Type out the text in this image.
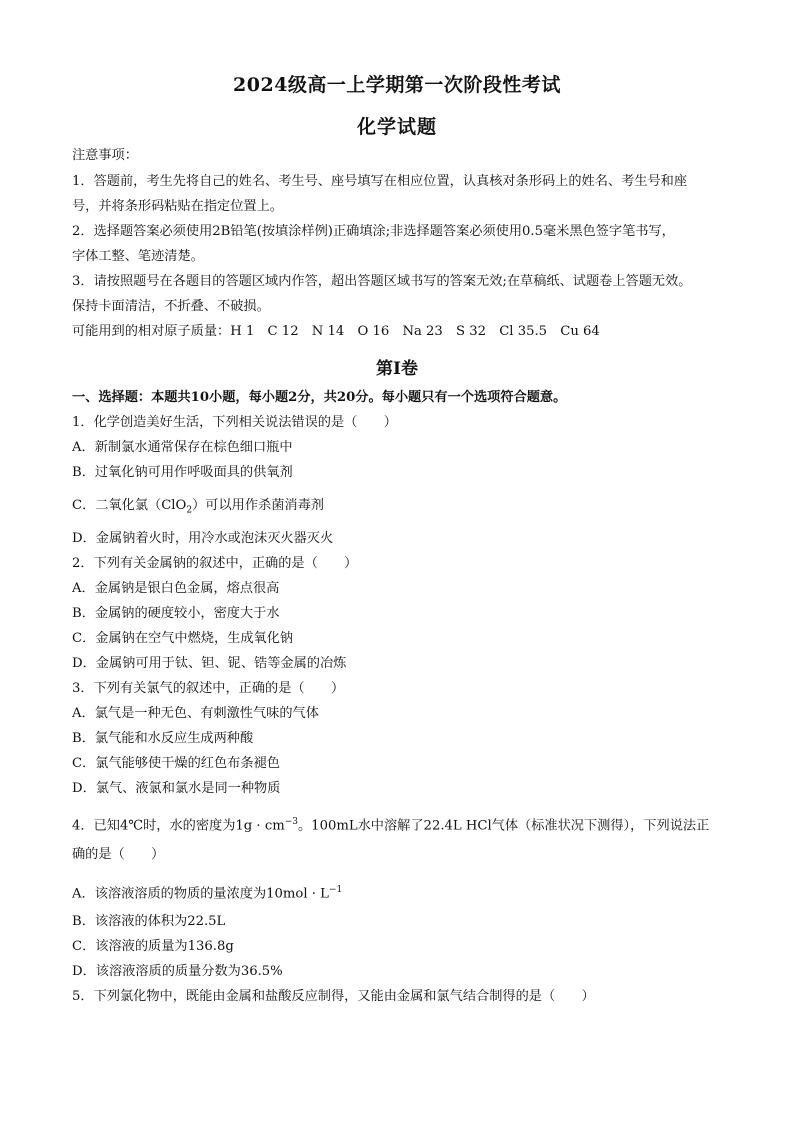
2024级高一上学期第一次阶段性考试
化学试题
注意事项：
1．答题前，考生先将自己的姓名、考生号、座号填写在相应位置，认真核对条形码上的姓名、考生号和座
号，并将条形码粘贴在指定位置上。
2．选择题答案必须使用2B铅笔(按填涂样例)正确填涂;非选择题答案必须使用0.5毫米黑色签字笔书写，
字体工整、笔迹清楚。
3．请按照题号在各题目的答题区域内作答，超出答题区域书写的答案无效;在草稿纸、试题卷上答题无效。
保持卡面清洁，不折叠、不破损。
可能用到的相对原子质量：H 1　C 12　N 14　O 16　Na 23　S 32　Cl 35.5　Cu 64
第Ⅰ卷
一、选择题：本题共10小题，每小题2分，共20分。每小题只有一个选项符合题意。
1．化学创造美好生活，下列相关说法错误的是（　　）
A．新制氯水通常保存在棕色细口瓶中
B．过氧化钠可用作呼吸面具的供氧剂
C．二氧化氯（ClO$_2$）可以用作杀菌消毒剂
D．金属钠着火时，用冷水或泡沫灭火器灭火
2．下列有关金属钠的叙述中，正确的是（　　）
A．金属钠是银白色金属，熔点很高
B．金属钠的硬度较小，密度大于水
C．金属钠在空气中燃烧，生成氧化钠
D．金属钠可用于钛、钽、铌、锆等金属的冶炼
3．下列有关氯气的叙述中，正确的是（　　）
A．氯气是一种无色、有刺激性气味的气体
B．氯气能和水反应生成两种酸
C．氯气能够使干燥的红色布条褪色
D．氯气、液氯和氯水是同一种物质
4．已知4℃时，水的密度为$1g \cdot cm^{-3}$。100mL水中溶解了22.4L HCl气体（标准状况下测得），下列说法正
确的是（　　）
A．该溶液溶质的物质的量浓度为$10mol \cdot L^{-1}$
B．该溶液的体积为22.5L
C．该溶液的质量为136.8g
D．该溶液溶质的质量分数为36.5%
5．下列氯化物中，既能由金属和盐酸反应制得，又能由金属和氯气结合制得的是（　　）
